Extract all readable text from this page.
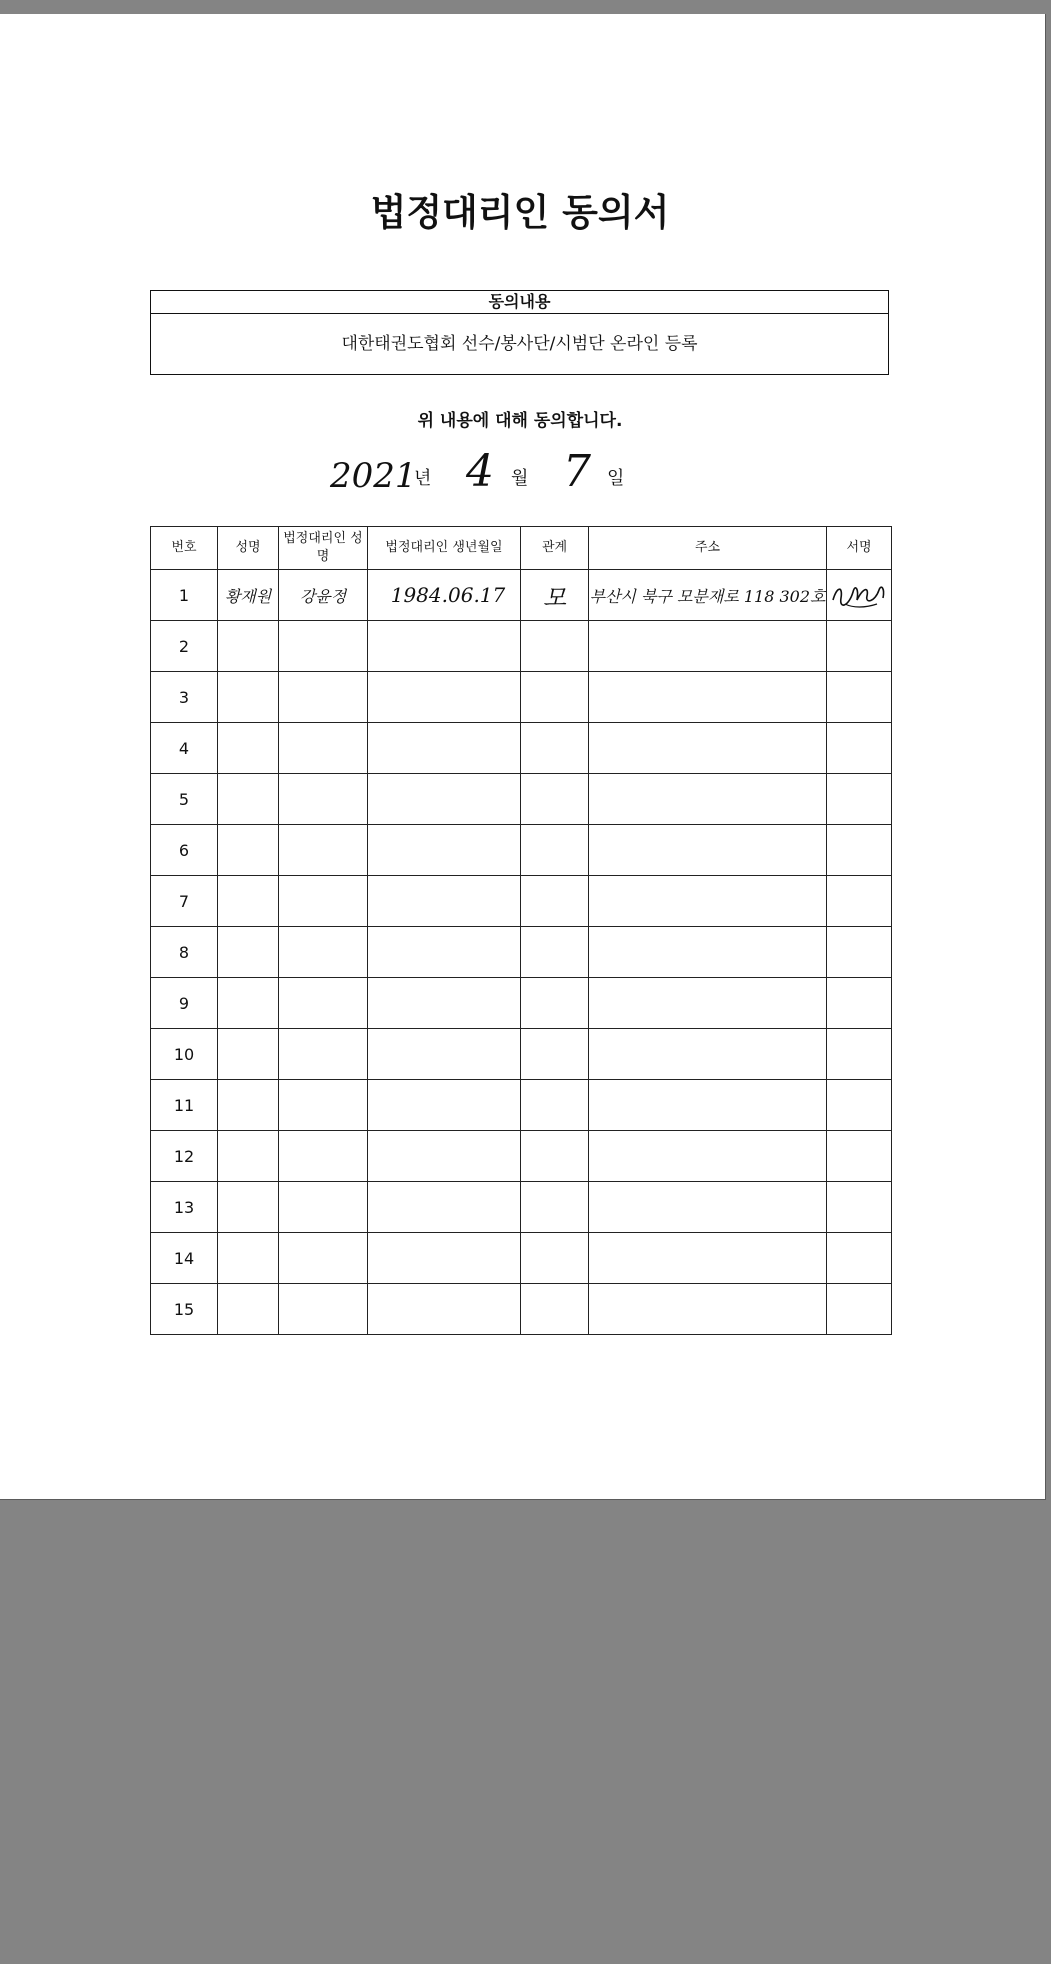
법정대리인 동의서
동의내용
대한태권도협회 선수/봉사단/시범단 온라인 등록
위 내용에 대해 동의합니다.
2021
년 4 월 7 일
번호	성명	법정대리인 성명	법정대리인 생년월일	관계	주소	서명
1	황재원	강윤정	1984.06.17	모	부산시 북구 모분재로 118 302호	

2						
3						
4						
5						
6						
7						
8						
9						
10						
11						
12						
13						
14						
15						
